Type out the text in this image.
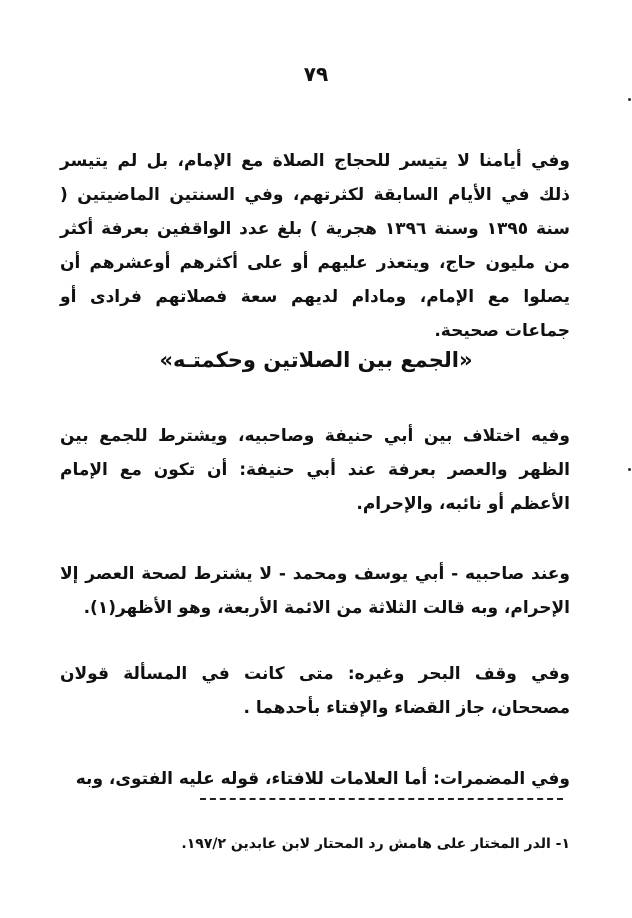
٧٩

وفي أيامنا لا يتيسر للحجاج الصلاة مع الإمام، بل لم يتيسر ذلك في الأيام السابقة لكثرتهم، وفي السنتين الماضيتين ( سنة ١٣٩٥ وسنة ١٣٩٦ هجرية ) بلغ عدد الواقفين بعرفة أكثر من مليون حاج، ويتعذر عليهم أو على أكثرهم أوعشرهم أن يصلوا مع الإمام، ومادام لديهم سعة فصلاتهم فرادى أو جماعات صحيحة.

«الجمع بين الصلاتين وحكمتـه»

وفيه اختلاف بين أبي حنيفة وصاحبيه، ويشترط للجمع بين الظهر والعصر بعرفة عند أبي حنيفة: أن تكون مع الإمام الأعظم أو نائبه، والإحرام.

وعند صاحبيه - أبي يوسف ومحمد - لا يشترط لصحة العصر إلا الإحرام، وبه قالت الثلاثة من الائمة الأربعة، وهو الأظهر(١).

وفي وقف البحر وغيره: متى كانت في المسألة قولان مصححان، جاز القضاء والإفتاء بأحدهما .

وفي المضمرات: أما العلامات للافتاء، قوله عليه الفتوى، وبه

١- الدر المختار على هامش رد المحتار لابن عابدين ١٩٧/٢.
